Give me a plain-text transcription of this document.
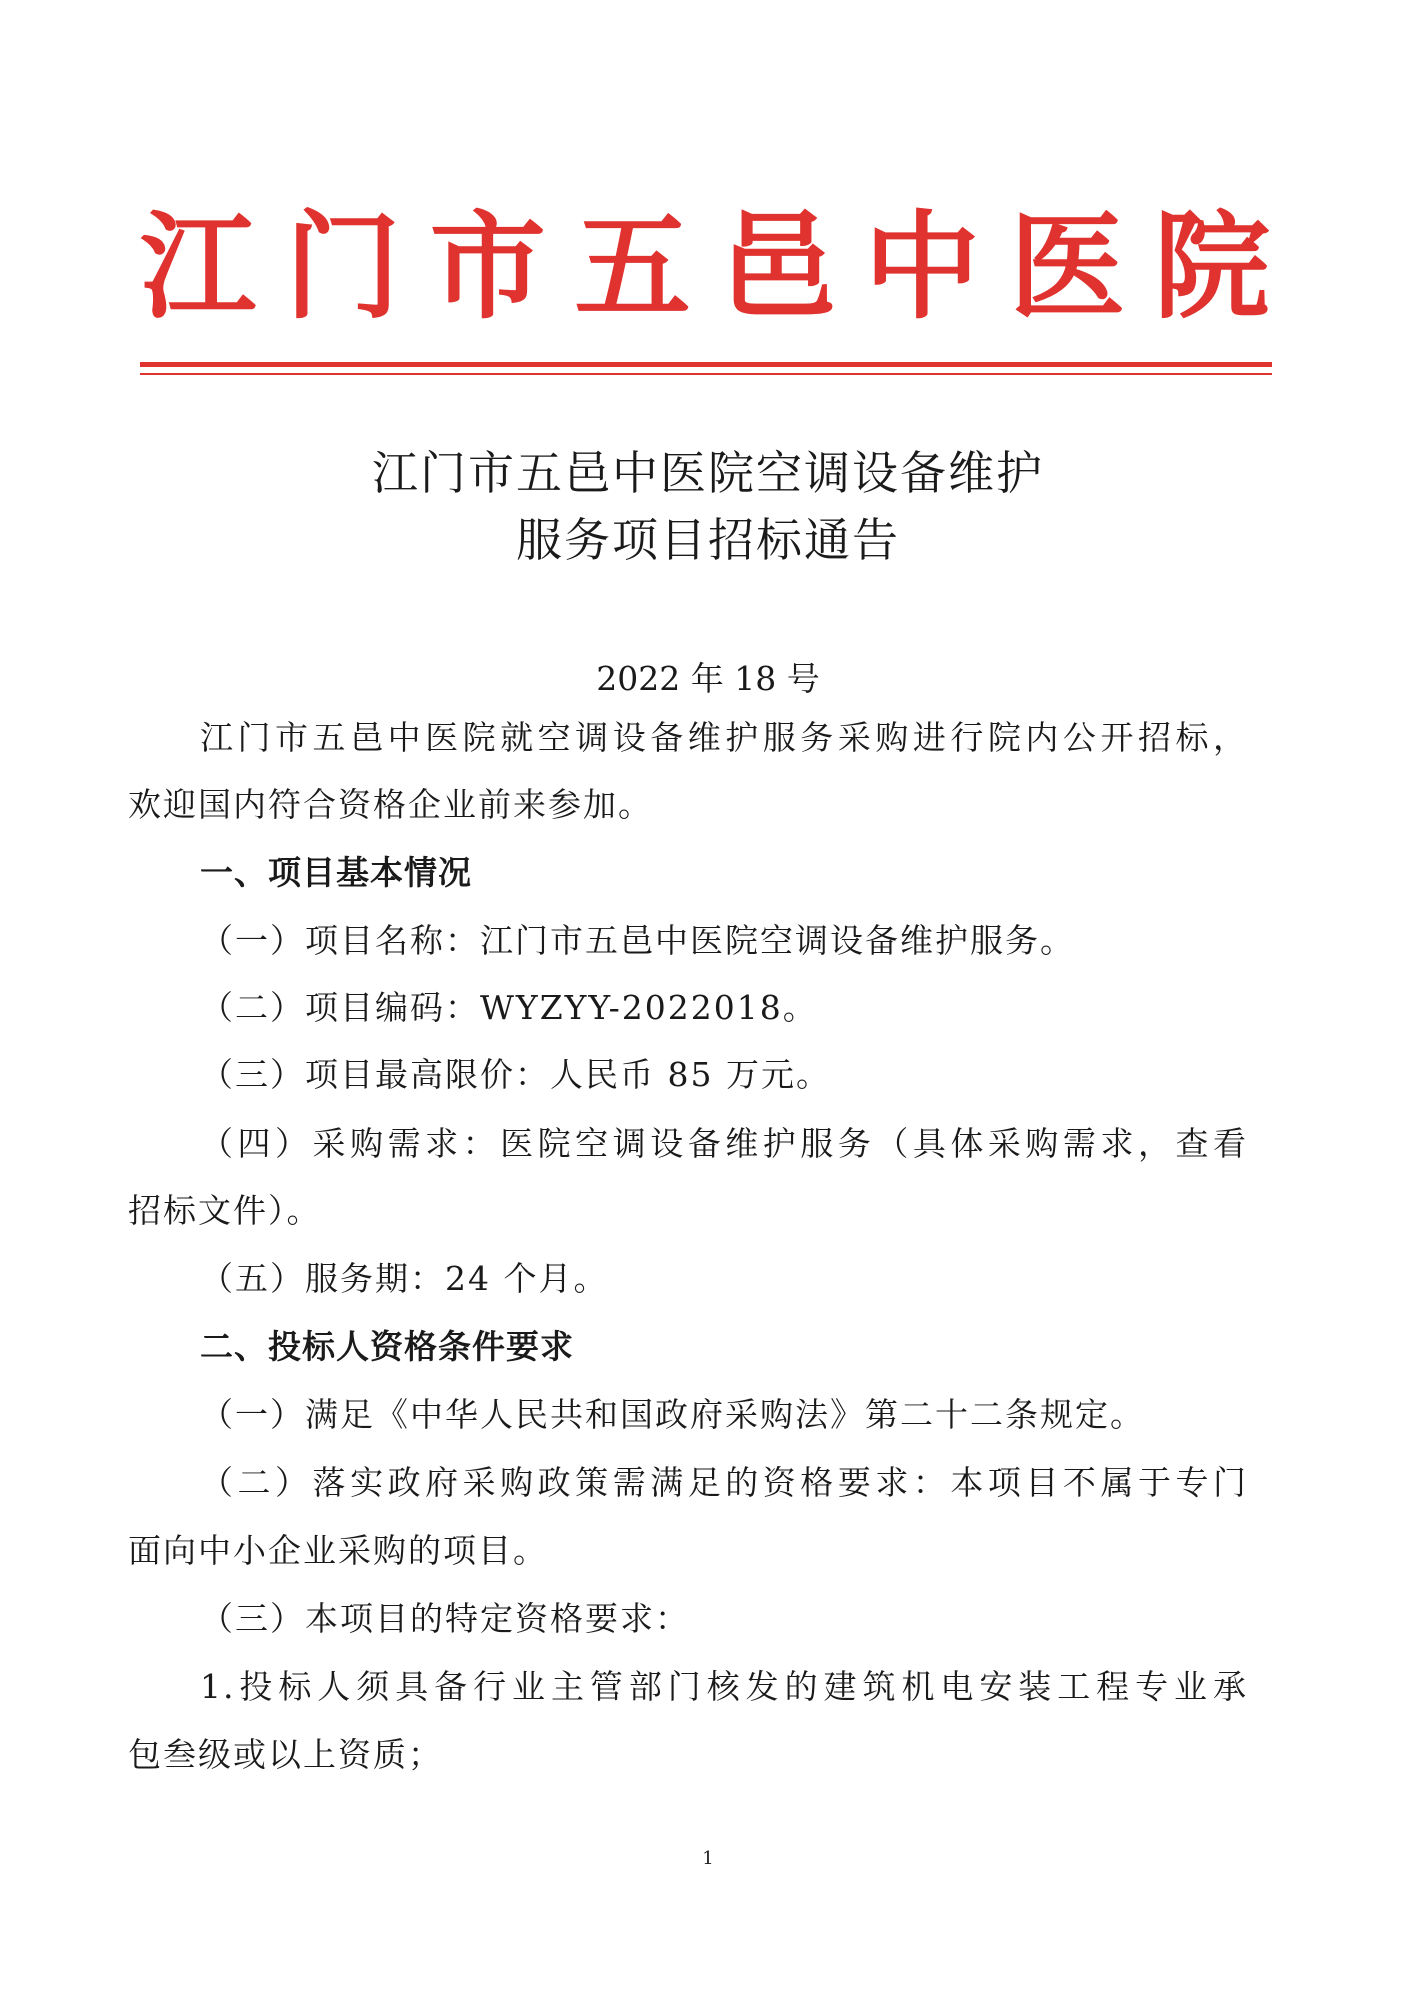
江 门 市 五 邑 中 医 院
江门市五邑中医院空调设备维护
服务项目招标通告
2022 年 18 号
江门市五邑中医院就空调设备维护服务采购进行院内公开招标，
欢迎国内符合资格企业前来参加。
一、项目基本情况
（一）项目名称：江门市五邑中医院空调设备维护服务。
（二）项目编码：WYZYY-2022018。
（三）项目最高限价：人民币 85 万元。
（四）采购需求：医院空调设备维护服务（具体采购需求，查看
招标文件）。
（五）服务期：24 个月。
二、投标人资格条件要求
（一）满足《中华人民共和国政府采购法》第二十二条规定。
（二）落实政府采购政策需满足的资格要求：本项目不属于专门
面向中小企业采购的项目。
（三）本项目的特定资格要求：
1.投标人须具备行业主管部门核发的建筑机电安装工程专业承
包叁级或以上资质；
1
